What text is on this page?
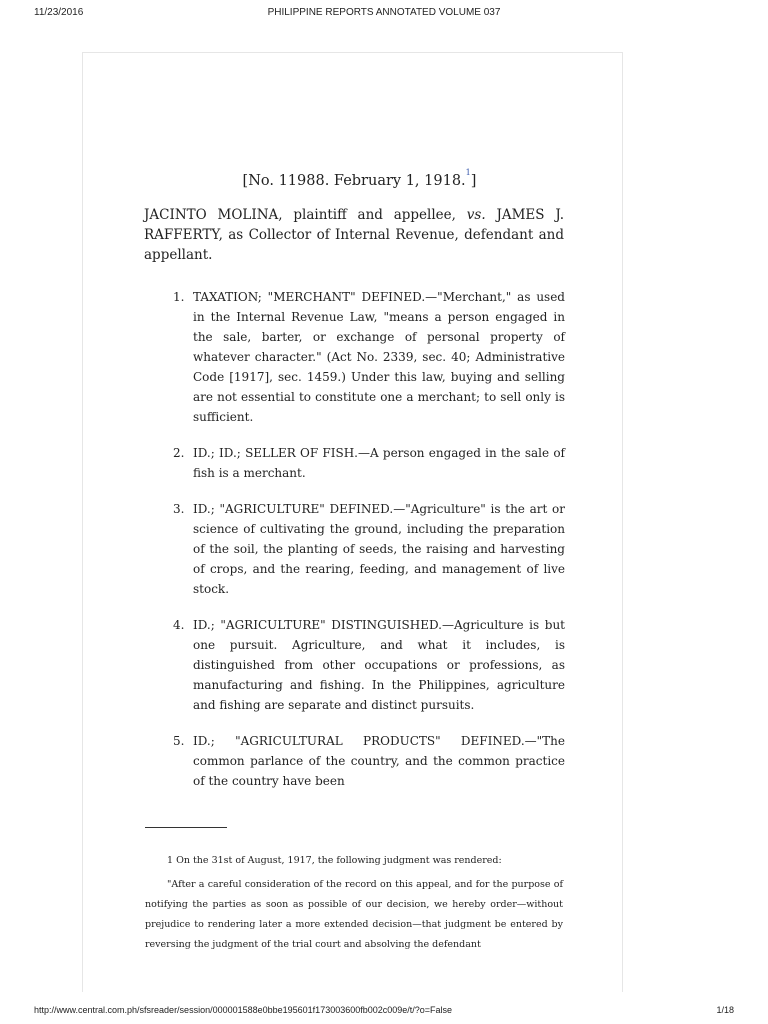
11/23/2016	PHILIPPINE REPORTS ANNOTATED VOLUME 037
[No. 11988. February 1, 1918.$^1$]
JACINTO MOLINA, plaintiff and appellee, vs. JAMES J. RAFFERTY, as Collector of Internal Revenue, defendant and appellant.
1. TAXATION; "MERCHANT" DEFINED.—"Merchant," as used in the Internal Revenue Law, "means a person engaged in the sale, barter, or exchange of personal property of whatever character." (Act No. 2339, sec. 40; Administrative Code [1917], sec. 1459.) Under this law, buying and selling are not essential to constitute one a merchant; to sell only is sufficient.
2. ID.; ID.; SELLER OF FISH.—A person engaged in the sale of fish is a merchant.
3. ID.; "AGRICULTURE" DEFINED.—"Agriculture" is the art or science of cultivating the ground, including the preparation of the soil, the planting of seeds, the raising and harvesting of crops, and the rearing, feeding, and management of live stock.
4. ID.; "AGRICULTURE" DISTINGUISHED.—Agriculture is but one pursuit. Agriculture, and what it includes, is distinguished from other occupations or professions, as manufacturing and fishing. In the Philippines, agriculture and fishing are separate and distinct pursuits.
5. ID.; "AGRICULTURAL PRODUCTS" DEFINED.—"The common parlance of the country, and the common practice of the country have been
1 On the 31st of August, 1917, the following judgment was rendered:
"After a careful consideration of the record on this appeal, and for the purpose of notifying the parties as soon as possible of our decision, we hereby order—without prejudice to rendering later a more extended decision—that judgment be entered by reversing the judgment of the trial court and absolving the defendant
http://www.central.com.ph/sfsreader/session/000001588e0bbe195601f173003600fb002c009e/t/?o=False	1/18
